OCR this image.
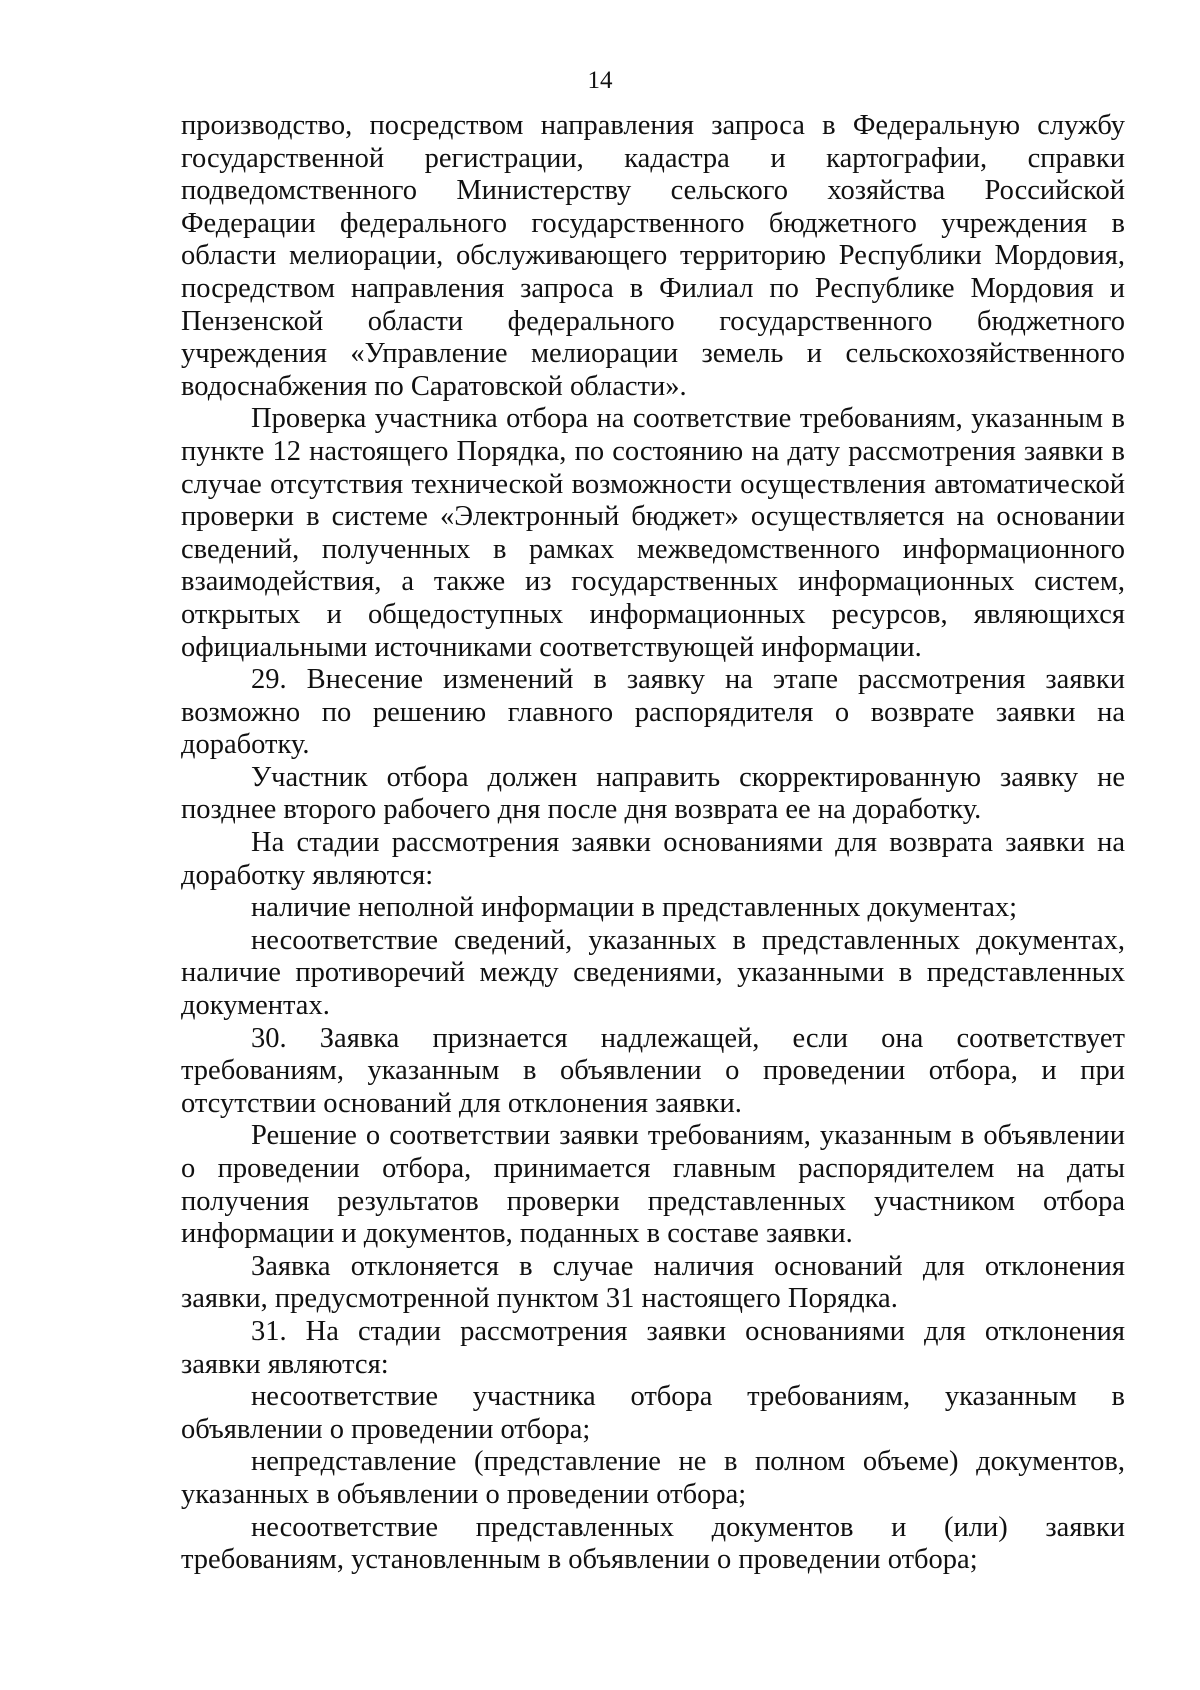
14

производство, посредством направления запроса в Федеральную службу государственной регистрации, кадастра и картографии, справки подведомственного Министерству сельского хозяйства Российской Федерации федерального государственного бюджетного учреждения в области мелиорации, обслуживающего территорию Республики Мордовия, посредством направления запроса в Филиал по Республике Мордовия и Пензенской области федерального государственного бюджетного учреждения «Управление мелиорации земель и сельскохозяйственного водоснабжения по Саратовской области».

Проверка участника отбора на соответствие требованиям, указанным в пункте 12 настоящего Порядка, по состоянию на дату рассмотрения заявки в случае отсутствия технической возможности осуществления автоматической проверки в системе «Электронный бюджет» осуществляется на основании сведений, полученных в рамках межведомственного информационного взаимодействия, а также из государственных информационных систем, открытых и общедоступных информационных ресурсов, являющихся официальными источниками соответствующей информации.

29. Внесение изменений в заявку на этапе рассмотрения заявки возможно по решению главного распорядителя о возврате заявки на доработку.

Участник отбора должен направить скорректированную заявку не позднее второго рабочего дня после дня возврата ее на доработку.

На стадии рассмотрения заявки основаниями для возврата заявки на доработку являются:

наличие неполной информации в представленных документах;

несоответствие сведений, указанных в представленных документах, наличие противоречий между сведениями, указанными в представленных документах.

30. Заявка признается надлежащей, если она соответствует требованиям, указанным в объявлении о проведении отбора, и при отсутствии оснований для отклонения заявки.

Решение о соответствии заявки требованиям, указанным в объявлении о проведении отбора, принимается главным распорядителем на даты получения результатов проверки представленных участником отбора информации и документов, поданных в составе заявки.

Заявка отклоняется в случае наличия оснований для отклонения заявки, предусмотренной пунктом 31 настоящего Порядка.

31. На стадии рассмотрения заявки основаниями для отклонения заявки являются:

несоответствие участника отбора требованиям, указанным в объявлении о проведении отбора;

непредставление (представление не в полном объеме) документов, указанных в объявлении о проведении отбора;

несоответствие представленных документов и (или) заявки требованиям, установленным в объявлении о проведении отбора;
